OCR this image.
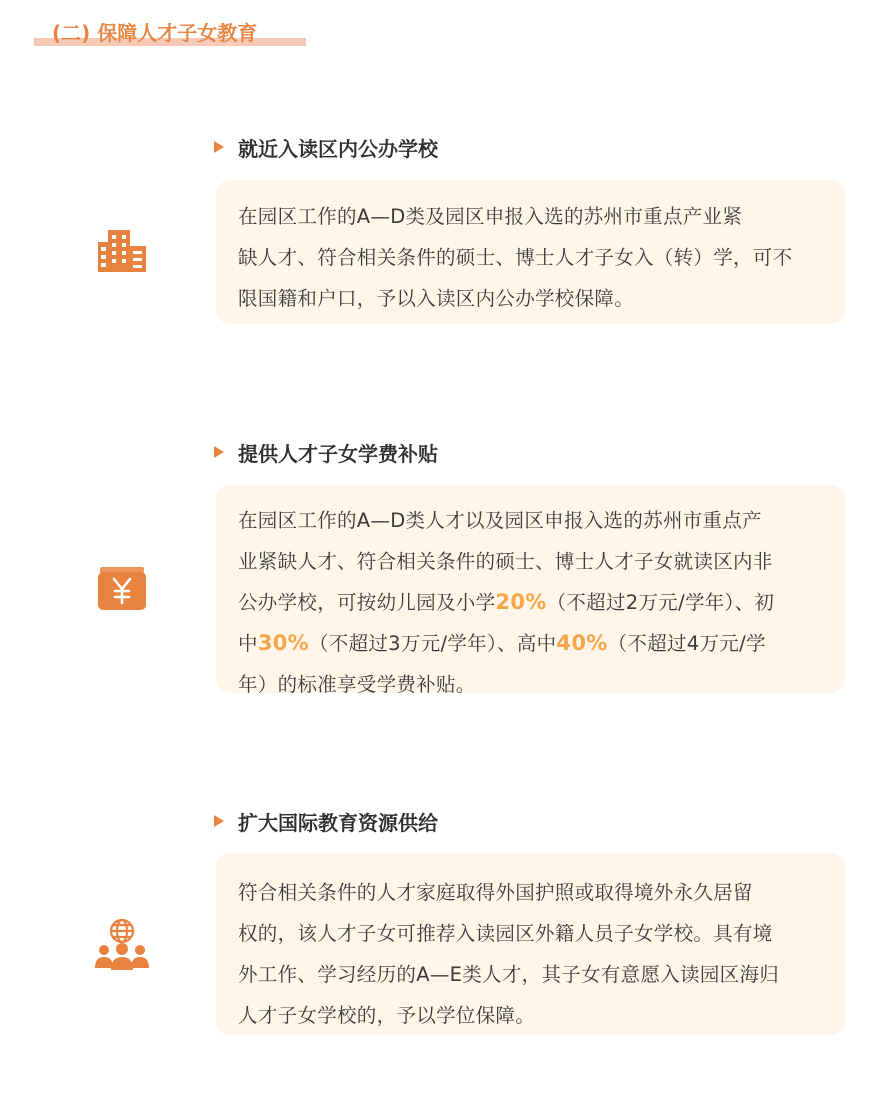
(二) 保障人才子女教育
就近入读区内公办学校

在园区工作的A—D类及园区申报入选的苏州市重点产业紧

缺人才、符合相关条件的硕士、博士人才子女入（转）学，可不

限国籍和户口，予以入读区内公办学校保障。

提供人才子女学费补贴

在园区工作的A—D类人才以及园区申报入选的苏州市重点产

业紧缺人才、符合相关条件的硕士、博士人才子女就读区内非

公办学校，可按幼儿园及小学20%（不超过2万元/学年）、初

中30%（不超过3万元/学年）、高中40%（不超过4万元/学

年）的标准享受学费补贴。

扩大国际教育资源供给

符合相关条件的人才家庭取得外国护照或取得境外永久居留

权的，该人才子女可推荐入读园区外籍人员子女学校。具有境

外工作、学习经历的A—E类人才，其子女有意愿入读园区海归

人才子女学校的，予以学位保障。
